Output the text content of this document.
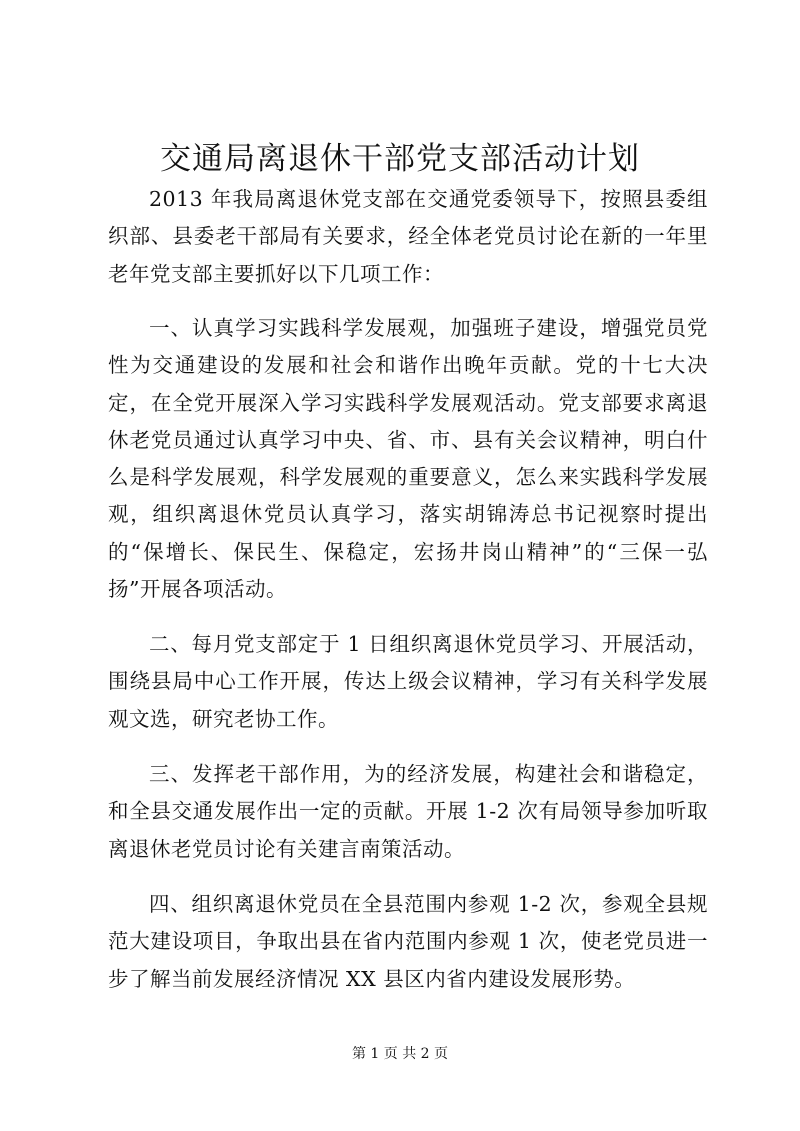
交通局离退休干部党支部活动计划

2013 年我局离退休党支部在交通党委领导下，按照县委组织部、县委老干部局有关要求，经全体老党员讨论在新的一年里老年党支部主要抓好以下几项工作：

一、认真学习实践科学发展观，加强班子建设，增强党员党性为交通建设的发展和社会和谐作出晚年贡献。党的十七大决定，在全党开展深入学习实践科学发展观活动。党支部要求离退休老党员通过认真学习中央、省、市、县有关会议精神，明白什么是科学发展观，科学发展观的重要意义，怎么来实践科学发展观，组织离退休党员认真学习，落实胡锦涛总书记视察时提出的“保增长、保民生、保稳定，宏扬井岗山精神”的“三保一弘扬”开展各项活动。

二、每月党支部定于 1 日组织离退休党员学习、开展活动，围绕县局中心工作开展，传达上级会议精神，学习有关科学发展观文选，研究老协工作。

三、发挥老干部作用，为的经济发展，构建社会和谐稳定，和全县交通发展作出一定的贡献。开展 1-2 次有局领导参加听取离退休老党员讨论有关建言南策活动。

四、组织离退休党员在全县范围内参观 1-2 次，参观全县规范大建设项目，争取出县在省内范围内参观 1 次，使老党员进一步了解当前发展经济情况 XX 县区内省内建设发展形势。

第 1 页 共 2 页
